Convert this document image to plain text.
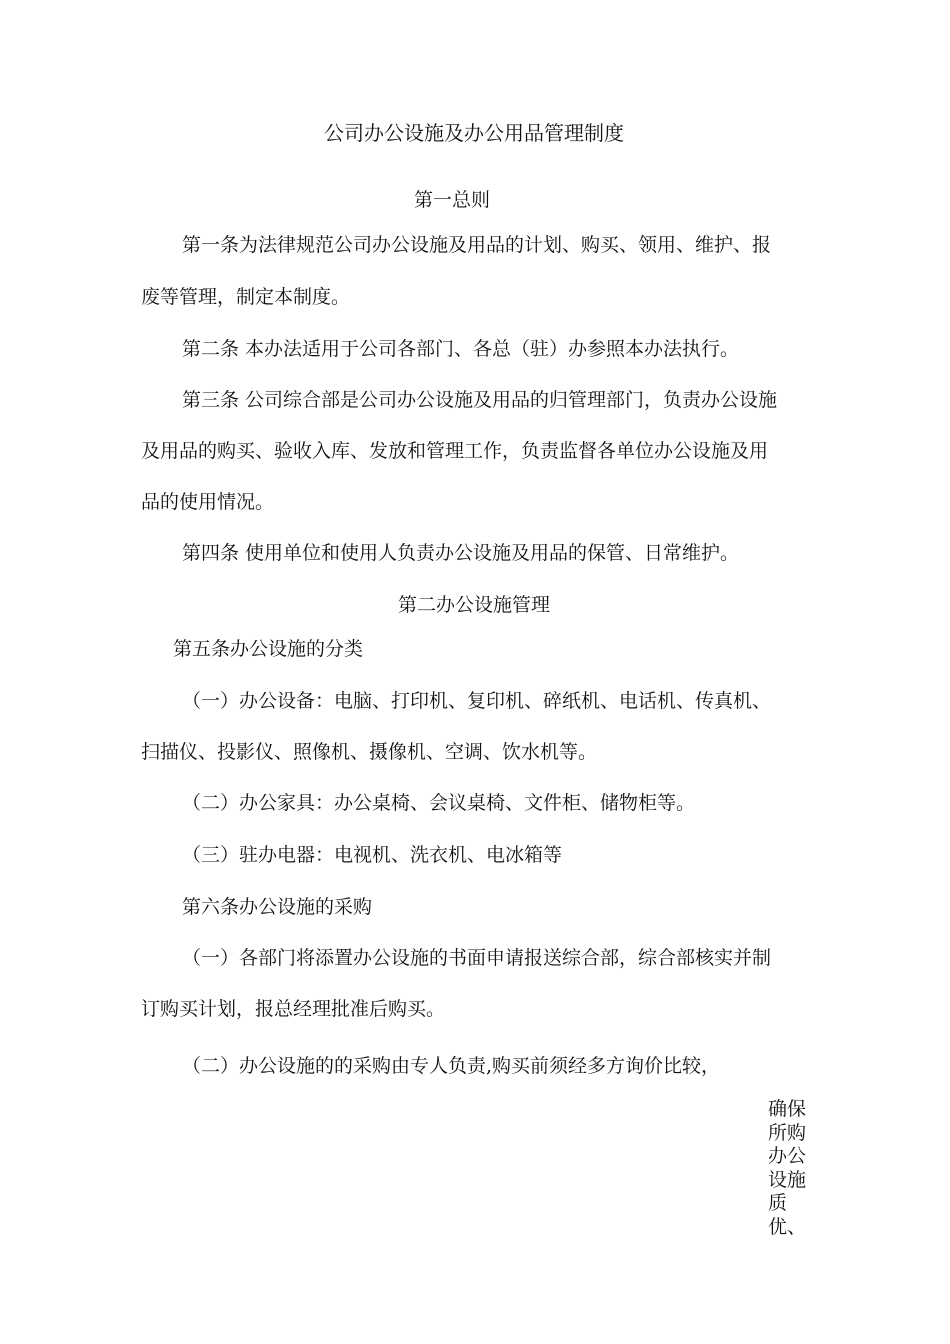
公司办公设施及办公用品管理制度

第一总则

第一条为法律规范公司办公设施及用品的计划、购买、领用、维护、报

废等管理，制定本制度。

第二条 本办法适用于公司各部门、各总（驻）办参照本办法执行。

第三条 公司综合部是公司办公设施及用品的归管理部门，负责办公设施

及用品的购买、验收入库、发放和管理工作，负责监督各单位办公设施及用

品的使用情况。

第四条 使用单位和使用人负责办公设施及用品的保管、日常维护。

第二办公设施管理

第五条办公设施的分类

（一）办公设备：电脑、打印机、复印机、碎纸机、电话机、传真机、

扫描仪、投影仪、照像机、摄像机、空调、饮水机等。

（二）办公家具：办公桌椅、会议桌椅、文件柜、储物柜等。

（三）驻办电器：电视机、洗衣机、电冰箱等

第六条办公设施的采购

（一）各部门将添置办公设施的书面申请报送综合部，综合部核实并制

订购买计划，报总经理批准后购买。

（二）办公设施的的采购由专人负责,购买前须经多方询价比较，

确保
所购
办公
设施
质
优、
